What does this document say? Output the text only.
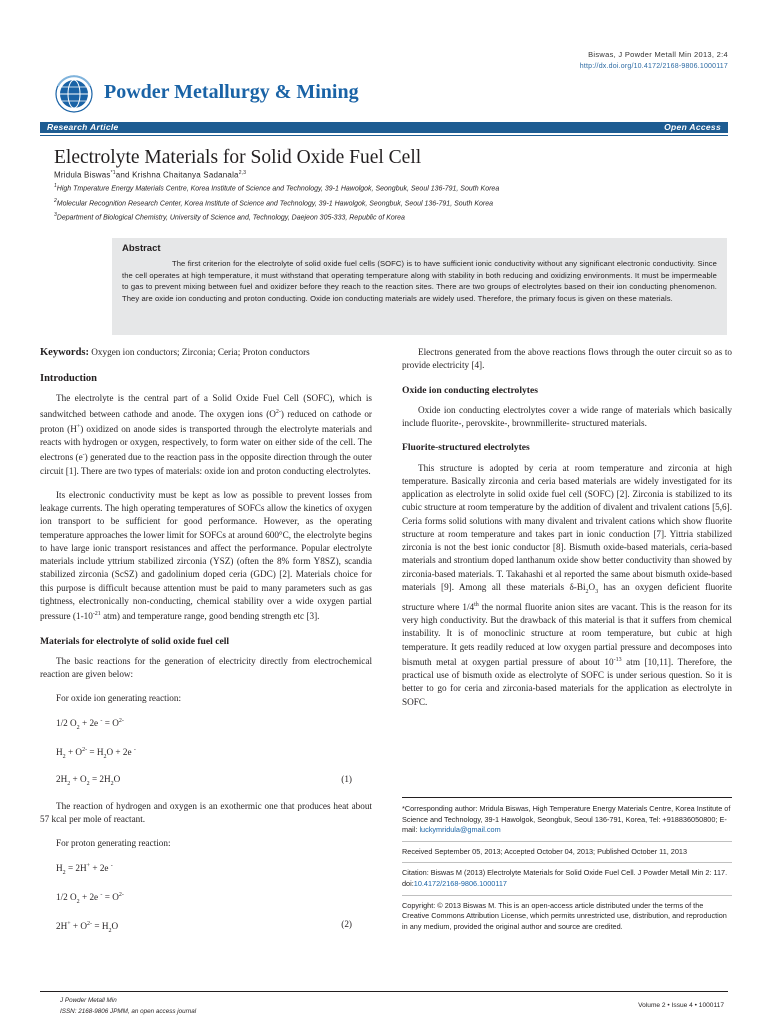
Biswas, J Powder Metall Min 2013, 2:4
http://dx.doi.org/10.4172/2168-9806.1000117
Powder Metallurgy & Mining
Research Article	Open Access
Electrolyte Materials for Solid Oxide Fuel Cell
Mridula Biswas$^{*1}$and Krishna Chaitanya Sadanala$^{2,3}$
$^1$High Tmperature Energy Materials Centre, Korea Institute of Science and Technology, 39-1 Hawolgok, Seongbuk, Seoul 136-791, South Korea
$^2$Molecular Recognition Research Center, Korea Institute of Science and Technology, 39-1 Hawolgok, Seongbuk, Seoul 136-791, South Korea
$^3$Department of Biological Chemistry, University of Science and, Technology, Daejeon 305-333, Republic of Korea
Abstract

The first criterion for the electrolyte of solid oxide fuel cells (SOFC) is to have sufficient ionic conductivity without any significant electronic conductivity. Since the cell operates at high temperature, it must withstand that operating temperature along with stability in both reducing and oxidizing environments. It must be impermeable to gas to prevent mixing between fuel and oxidizer before they reach to the reaction sites. There are two groups of electrolytes based on their ion conducting phenomenon. They are oxide ion conducting and proton conducting. Oxide ion conducting materials are widely used. Therefore, the primary focus is given on these materials.

Keywords: Oxygen ion conductors; Zirconia; Ceria; Proton conductors
Introduction

The electrolyte is the central part of a Solid Oxide Fuel Cell (SOFC), which is sandwitched between cathode and anode. The oxygen ions $(O^{2-})$ reduced on cathode or proton (H+) oxidized on anode sides is transported through the electrolyte materials and reacts with hydrogen or oxygen, respectively, to form water on either side of the cell. The electrons (e-) generated due to the reaction pass in the opposite direction through the outer circuit [1]. There are two types of materials: oxide ion and proton conducting electrolytes.

Its electronic conductivity must be kept as low as possible to prevent losses from leakage currents. The high operating temperatures of SOFCs allow the kinetics of oxygen ion transport to be sufficient for good performance. However, as the operating temperature approaches the lower limit for SOFCs at around 600°C, the electrolyte begins to have large ionic transport resistances and affect the performance. Popular electrolyte materials include yttrium stabilized zirconia (YSZ) (often the 8% form Y8SZ), scandia stabilized zirconia (ScSZ) and gadolinium doped ceria (GDC) [2]. Materials choice for this purpose is difficult because attention must be paid to many parameters such as gas tightness, electronically non-conducting, chemical stability over a wide oxygen partial pressure ($1-10^{-21}$ atm) and temperature range, good bending strength etc [3].

Materials for electrolyte of solid oxide fuel cell

The basic reactions for the generation of electricity directly from electrochemical reaction are given below:

For oxide ion generating reaction:
1/2 $O_2 + 2e$ $^- = O^{2-}$
$H_2 + O^{2-} = H_2O + 2e$ -
$2H_2 + O_2 = 2H_2O$	(1)

The reaction of hydrogen and oxygen is an exothermic one that produces heat about 57 kcal per mole of reactant.

For proton generating reaction:
$H_2 = 2H^+ + 2e$ -
1/2 $O_2 + 2e$ $^- = O^{2-}$
$2H^+ + O^{2-} = H_2O$	(2)

Electrons generated from the above reactions flows through the outer circuit so as to provide electricity [4].

Oxide ion conducting electrolytes

Oxide ion conducting electrolytes cover a wide range of materials which basically include fluorite-, perovskite-, brownmillerite- structured materials.

Fluorite-structured electrolytes

This structure is adopted by ceria at room temperature and zirconia at high temperature. Basically zirconia and ceria based materials are widely investigated for its application as electrolyte in solid oxide fuel cell (SOFC) [2]. Zirconia is stabilized to its cubic structure at room temperature by the addition of divalent and trivalent cations [5,6]. Ceria forms solid solutions with many divalent and trivalent cations which show fluorite structure at room temperature and takes part in ionic conduction [7]. Yittria stabilized zirconia is not the best ionic conductor [8]. Bismuth oxide-based materials, ceria-based materials and strontium doped lanthanum oxide show better conductivity than showed by zirconia-based materials. T. Takahashi et al reported the same about bismuth oxide-based materials [9]. Among all these materials $\delta-Bi_2O_3$ has an oxygen deficient fluorite structure where 1/4th the normal fluorite anion sites are vacant. This is the reason for its very high conductivity. But the drawback of this material is that it suffers from chemical instability. It is of monoclinic structure at room temperature, but cubic at high temperature. It gets readily reduced at low oxygen partial pressure and decomposes into bismuth metal at oxygen partial pressure of about $10^{-13}$ atm [10,11]. Therefore, the practical use of bismuth oxide as electrolyte of SOFC is under serious question. So it is better to go for ceria and zirconia-based materials for the application as electrolyte in SOFC.

*Corresponding author: Mridula Biswas, High Temperature Energy Materials Centre, Korea Institute of Science and Technology, 39-1 Hawolgok, Seongbuk, Seoul 136-791, Korea, Tel: +918836050800; E-mail: luckymridula@gmail.com
Received September 05, 2013; Accepted October 04, 2013; Published October 11, 2013
Citation: Biswas M (2013) Electrolyte Materials for Solid Oxide Fuel Cell. J Powder Metall Min 2: 117. doi:10.4172/2168-9806.1000117
Copyright: © 2013 Biswas M. This is an open-access article distributed under the terms of the Creative Commons Attribution License, which permits unrestricted use, distribution, and reproduction in any medium, provided the original author and source are credited.
J Powder Metall Min
ISSN: 2168-9806 JPMM, an open access journal
Volume 2 • Issue 4 • 1000117
